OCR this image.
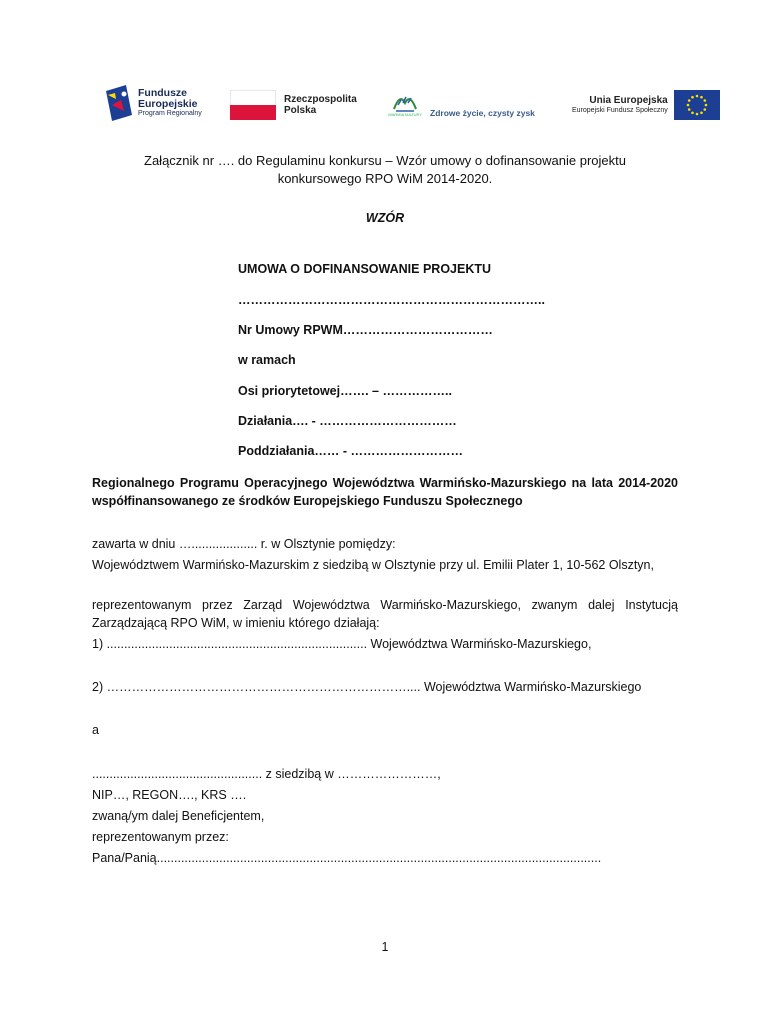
Fundusze
Europejskie
Program Regionalny
Rzeczpospolita
Polska	WARMIA MAZURY Zdrowe życie, czysty zysk
Unia Europejska
Europejski Fundusz Społeczny
Załącznik nr …. do Regulaminu konkursu – Wzór umowy o dofinansowanie projektu
konkursowego RPO WiM 2014-2020.
WZÓR
UMOWA O DOFINANSOWANIE PROJEKTU
………………………………………………………………..
Nr Umowy RPWM………………………………
w ramach
Osi priorytetowej……. – ……………..
Działania…. - ……………………………
Poddziałania…… - ………………………
Regionalnego Programu Operacyjnego Województwa Warmińsko-Mazurskiego na lata 2014-2020 współfinansowanego ze środków Europejskiego Funduszu Społecznego
zawarta w dniu …................... r. w Olsztynie pomiędzy:
Województwem Warmińsko-Mazurskim z siedzibą w Olsztynie przy ul. Emilii Plater 1, 10-562 Olsztyn,
reprezentowanym przez Zarząd Województwa Warmińsko-Mazurskiego, zwanym dalej Instytucją Zarządzającą RPO WiM, w imieniu którego działają:
1) ........................................................................... Województwa Warmińsko-Mazurskiego,
2) ……………………………………………………………….... Województwa Warmińsko-Mazurskiego
a
................................................. z siedzibą w ……………………,
NIP…, REGON…., KRS ….
zwaną/ym dalej Beneficjentem,
reprezentowanym przez:
Pana/Panią................................................................................................................................
1
